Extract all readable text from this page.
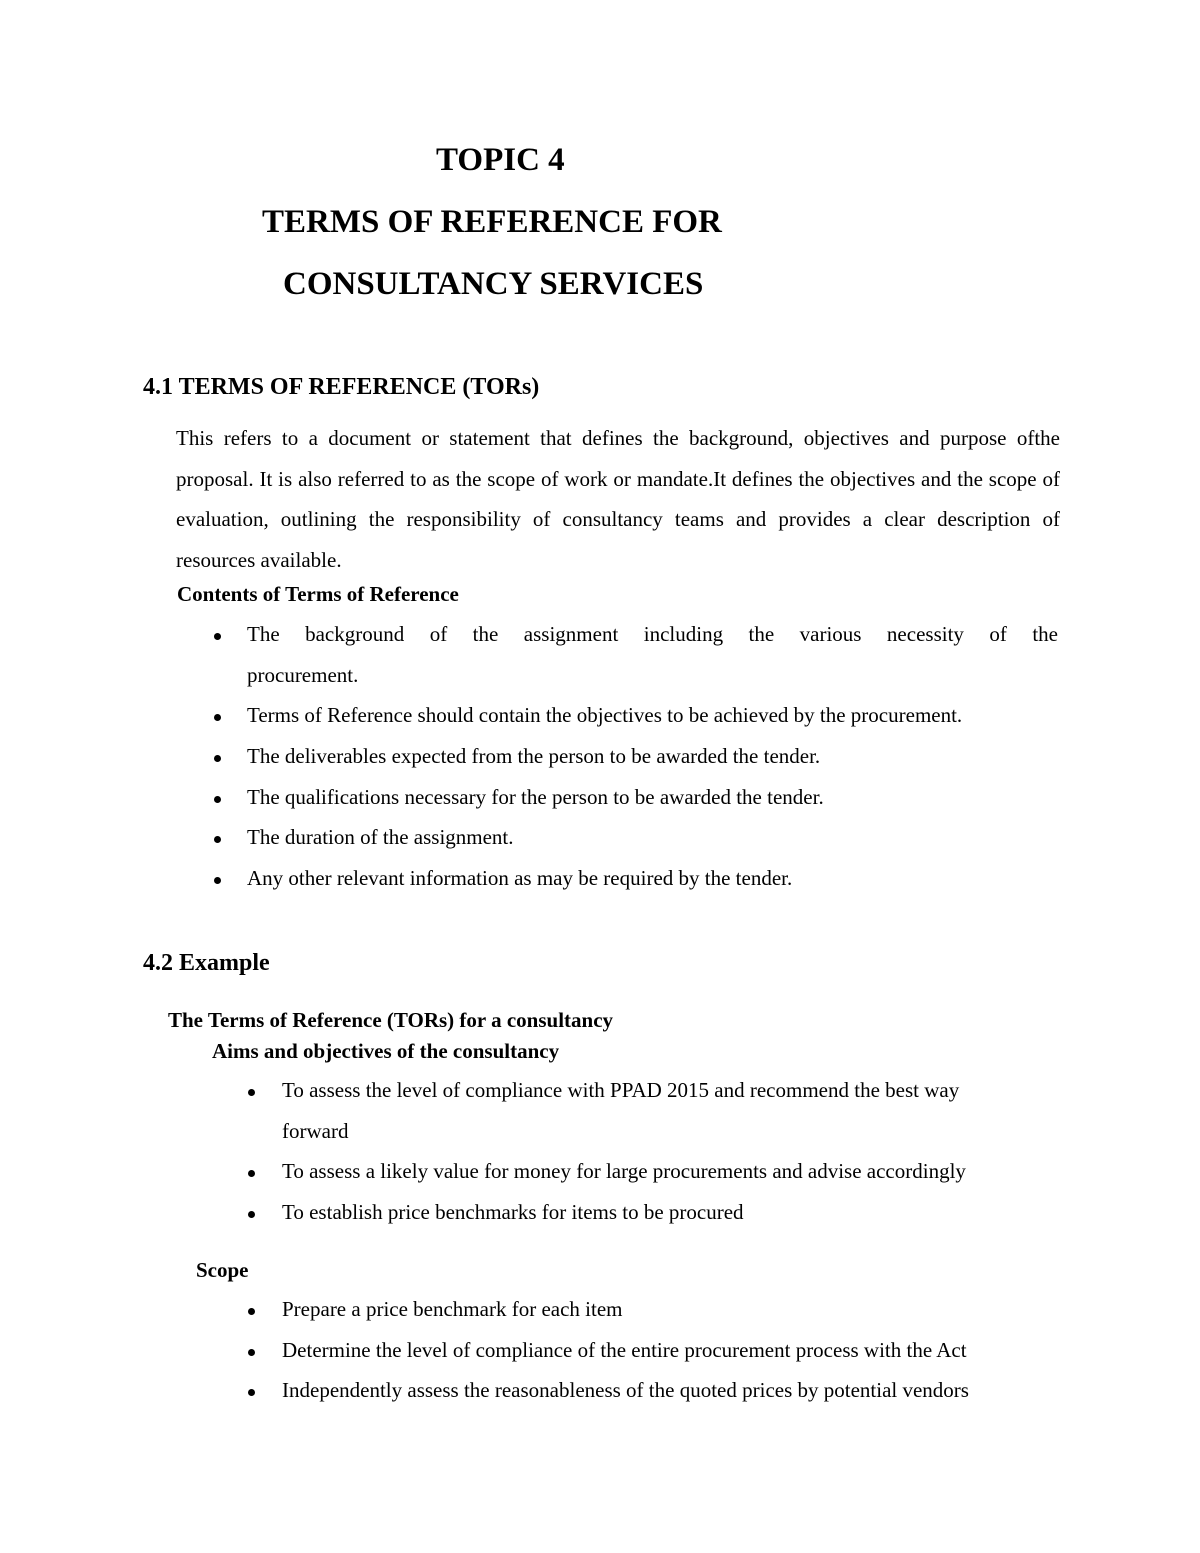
TOPIC 4
TERMS OF REFERENCE FOR
CONSULTANCY SERVICES
4.1 TERMS OF REFERENCE (TORs)

This refers to a document or statement that defines the background, objectives and purpose ofthe proposal. It is also referred to as the scope of work or mandate.It defines the objectives and the scope of evaluation, outlining the responsibility of consultancy teams and provides a clear description of resources available.

Contents of Terms of Reference
The background of the assignment including the various necessity of the
procurement.
Terms of Reference should contain the objectives to be achieved by the procurement.
The deliverables expected from the person to be awarded the tender.
The qualifications necessary for the person to be awarded the tender.
The duration of the assignment.
Any other relevant information as may be required by the tender.
4.2 Example
The Terms of Reference (TORs) for a consultancy
Aims and objectives of the consultancy
To assess the level of compliance with PPAD 2015 and recommend the best way
forward
To assess a likely value for money for large procurements and advise accordingly
To establish price benchmarks for items to be procured
Scope
Prepare a price benchmark for each item
Determine the level of compliance of the entire procurement process with the Act
Independently assess the reasonableness of the quoted prices by potential vendors
